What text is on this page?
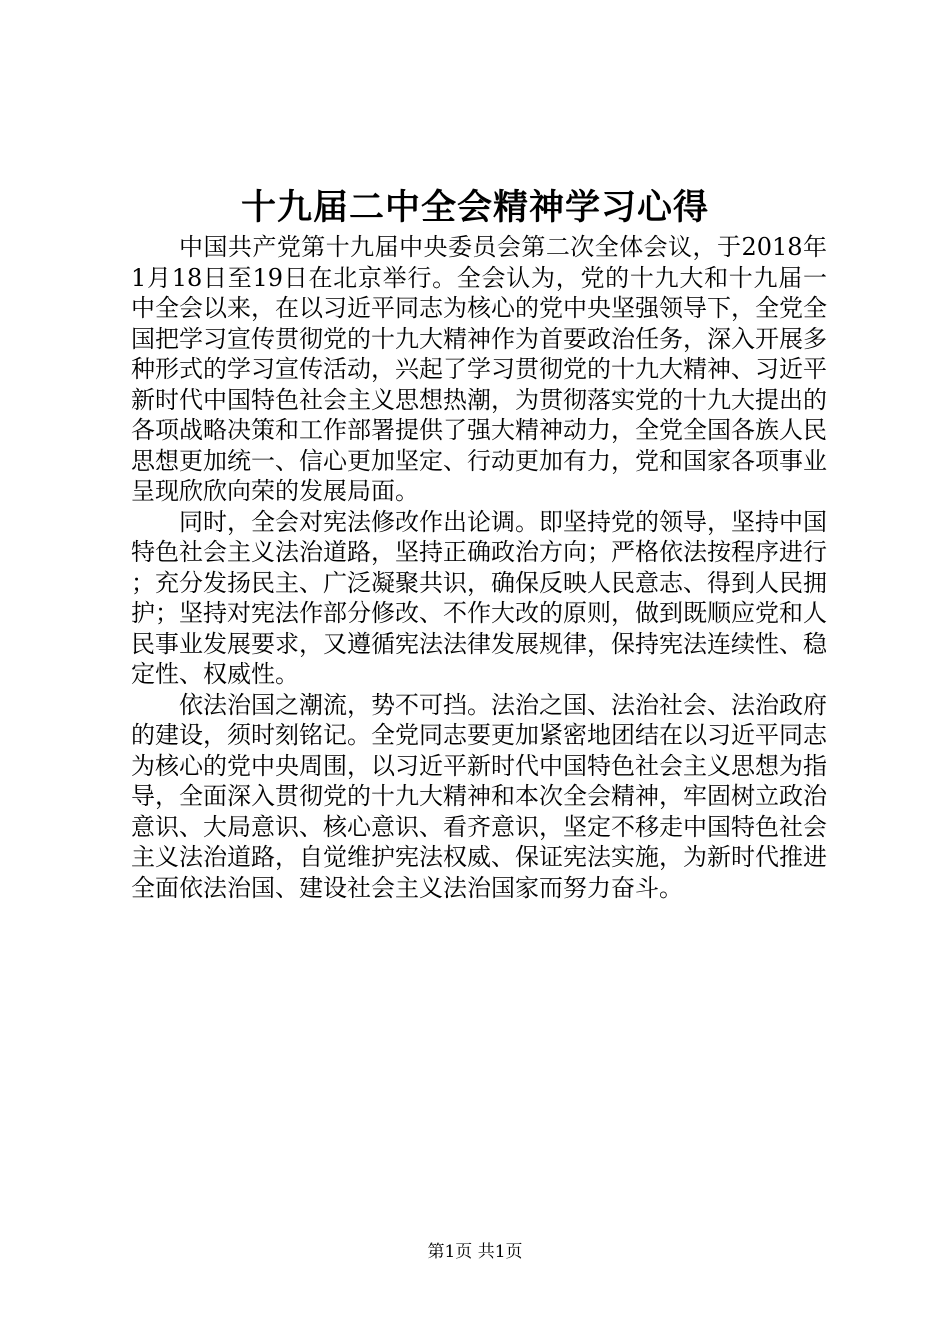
十九届二中全会精神学习心得

中国共产党第十九届中央委员会第二次全体会议，于2018年1月18日至19日在北京举行。全会认为，党的十九大和十九届一中全会以来，在以习近平同志为核心的党中央坚强领导下，全党全国把学习宣传贯彻党的十九大精神作为首要政治任务，深入开展多种形式的学习宣传活动，兴起了学习贯彻党的十九大精神、习近平新时代中国特色社会主义思想热潮，为贯彻落实党的十九大提出的各项战略决策和工作部署提供了强大精神动力，全党全国各族人民思想更加统一、信心更加坚定、行动更加有力，党和国家各项事业呈现欣欣向荣的发展局面。

同时，全会对宪法修改作出论调。即坚持党的领导，坚持中国特色社会主义法治道路，坚持正确政治方向；严格依法按程序进行；充分发扬民主、广泛凝聚共识，确保反映人民意志、得到人民拥护；坚持对宪法作部分修改、不作大改的原则，做到既顺应党和人民事业发展要求，又遵循宪法法律发展规律，保持宪法连续性、稳定性、权威性。

依法治国之潮流，势不可挡。法治之国、法治社会、法治政府的建设，须时刻铭记。全党同志要更加紧密地团结在以习近平同志为核心的党中央周围，以习近平新时代中国特色社会主义思想为指导，全面深入贯彻党的十九大精神和本次全会精神，牢固树立政治意识、大局意识、核心意识、看齐意识，坚定不移走中国特色社会主义法治道路，自觉维护宪法权威、保证宪法实施，为新时代推进全面依法治国、建设社会主义法治国家而努力奋斗。

第1页 共1页
